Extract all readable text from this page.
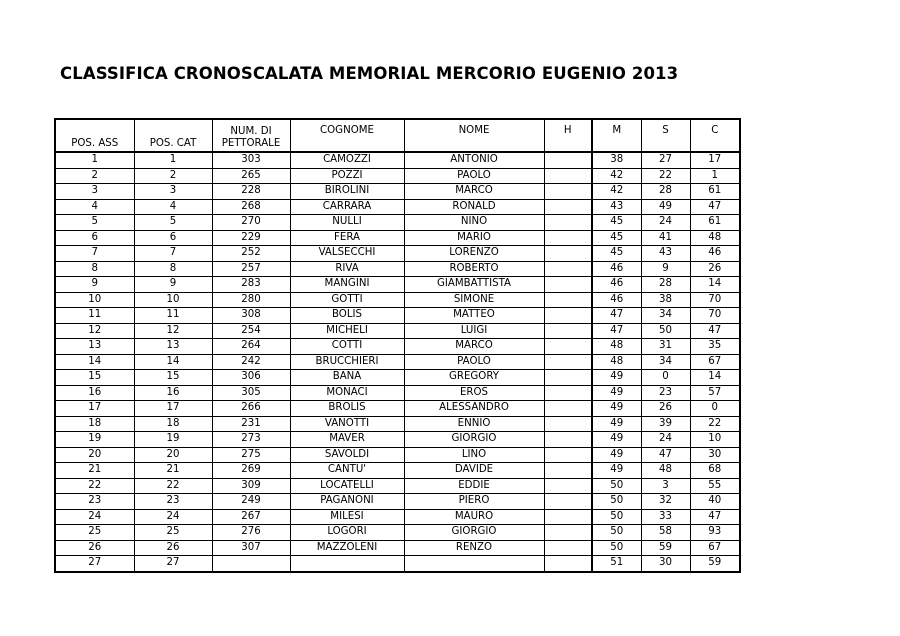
CLASSIFICA CRONOSCALATA MEMORIAL MERCORIO EUGENIO 2013
POS. ASS	POS. CAT	NUM. DI
PETTORALE	COGNOME	NOME	H	M	S	C
1	1	303	CAMOZZI	ANTONIO		38	27	17
2	2	265	POZZI	PAOLO		42	22	1
3	3	228	BIROLINI	MARCO		42	28	61
4	4	268	CARRARA	RONALD		43	49	47
5	5	270	NULLI	NINO		45	24	61
6	6	229	FERA	MARIO		45	41	48
7	7	252	VALSECCHI	LORENZO		45	43	46
8	8	257	RIVA	ROBERTO		46	9	26
9	9	283	MANGINI	GIAMBATTISTA		46	28	14
10	10	280	GOTTI	SIMONE		46	38	70
11	11	308	BOLIS	MATTEO		47	34	70
12	12	254	MICHELI	LUIGI		47	50	47
13	13	264	COTTI	MARCO		48	31	35
14	14	242	BRUCCHIERI	PAOLO		48	34	67
15	15	306	BANA	GREGORY		49	0	14
16	16	305	MONACI	EROS		49	23	57
17	17	266	BROLIS	ALESSANDRO		49	26	0
18	18	231	VANOTTI	ENNIO		49	39	22
19	19	273	MAVER	GIORGIO		49	24	10
20	20	275	SAVOLDI	LINO		49	47	30
21	21	269	CANTU'	DAVIDE		49	48	68
22	22	309	LOCATELLI	EDDIE		50	3	55
23	23	249	PAGANONI	PIERO		50	32	40
24	24	267	MILESI	MAURO		50	33	47
25	25	276	LOGORI	GIORGIO		50	58	93
26	26	307	MAZZOLENI	RENZO		50	59	67
27	27					51	30	59
